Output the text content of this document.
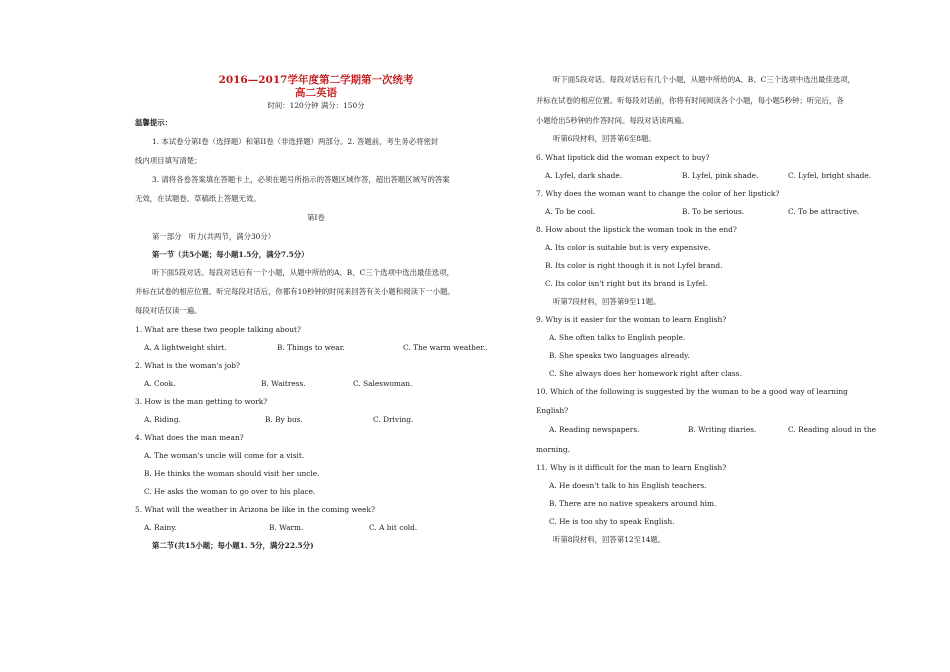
2016—2017学年度第二学期第一次统考
高二英语
时间：120分钟 满分：150分
温馨提示：
1. 本试卷分第I卷（选择题）和第II卷（非选择题）两部分。2. 答题前，考生务必将密封
线内项目填写清楚；
3. 请将各卷答案填在答题卡上，必须在题号所指示的答题区域作答，超出答题区域写的答案
无效，在试题卷、草稿纸上答题无效。
第I卷
第一部分　听力(共两节，满分30分）
第一节（共5小题；每小题1.5分，满分7.5分）
听下面5段对话。每段对话后有一个小题，从题中所给的A、B、C三个选项中选出最佳选项，
并标在试卷的相应位置。听完每段对话后，你都有10秒钟的时间来回答有关小题和阅读下一小题。
每段对话仅读一遍。
1. What are these two people talking about?
A. A lightweight shirt.	B. Things to wear.	C. The warm weather..
2. What is the woman's job?
A. Cook.	B. Waitress.	C. Saleswoman.
3. How is the man getting to work?
A. Riding.	B. By bus.	C. Driving.
4. What does the man mean?
A. The woman's uncle will come for a visit.
B. He thinks the woman should visit her uncle.
C. He asks the woman to go over to his place.
5. What will the weather in Arizona be like in the coming week?
A. Rainy.	B. Warm.	C. A bit cold.
第二节(共15小题；每小题1. 5分，满分22.5分)
听下面5段对话。每段对话后有几个小题，从题中所给的A、B、C三个选项中选出最佳选项，
并标在试卷的相应位置。听每段对话前，你将有时间阅读各个小题，每小题5秒钟；听完后，各
小题给出5秒钟的作答时间。每段对话读两遍。
听第6段材料，回答第6至8题。
6. What lipstick did the woman expect to buy?
A. Lyfel, dark shade.	B. Lyfel, pink shade.	C. Lyfel, bright shade.
7. Why does the woman want to change the color of her lipstick?
A. To be cool.	B. To be serious.	C. To be attractive.
8. How about the lipstick the woman took in the end?
A. Its color is suitable but is very expensive.
B. Its color is right though it is not Lyfel brand.
C. Its color isn't right but its brand is Lyfel.
听第7段材料，回答第9至11题。
9. Why is it easier for the woman to learn English?
A. She often talks to English people.
B. She speaks two languages already.
C. She always does her homework right after class.
10. Which of the following is suggested by the woman to be a good way of learning
English?
A. Reading newspapers.	B. Writing diaries.	C. Reading aloud in the
morning.
11. Why is it difficult for the man to learn English?
A. He doesn't talk to his English teachers.
B. There are no native speakers around him.
C. He is too shy to speak English.
听第8段材料，回答第12至14题。
